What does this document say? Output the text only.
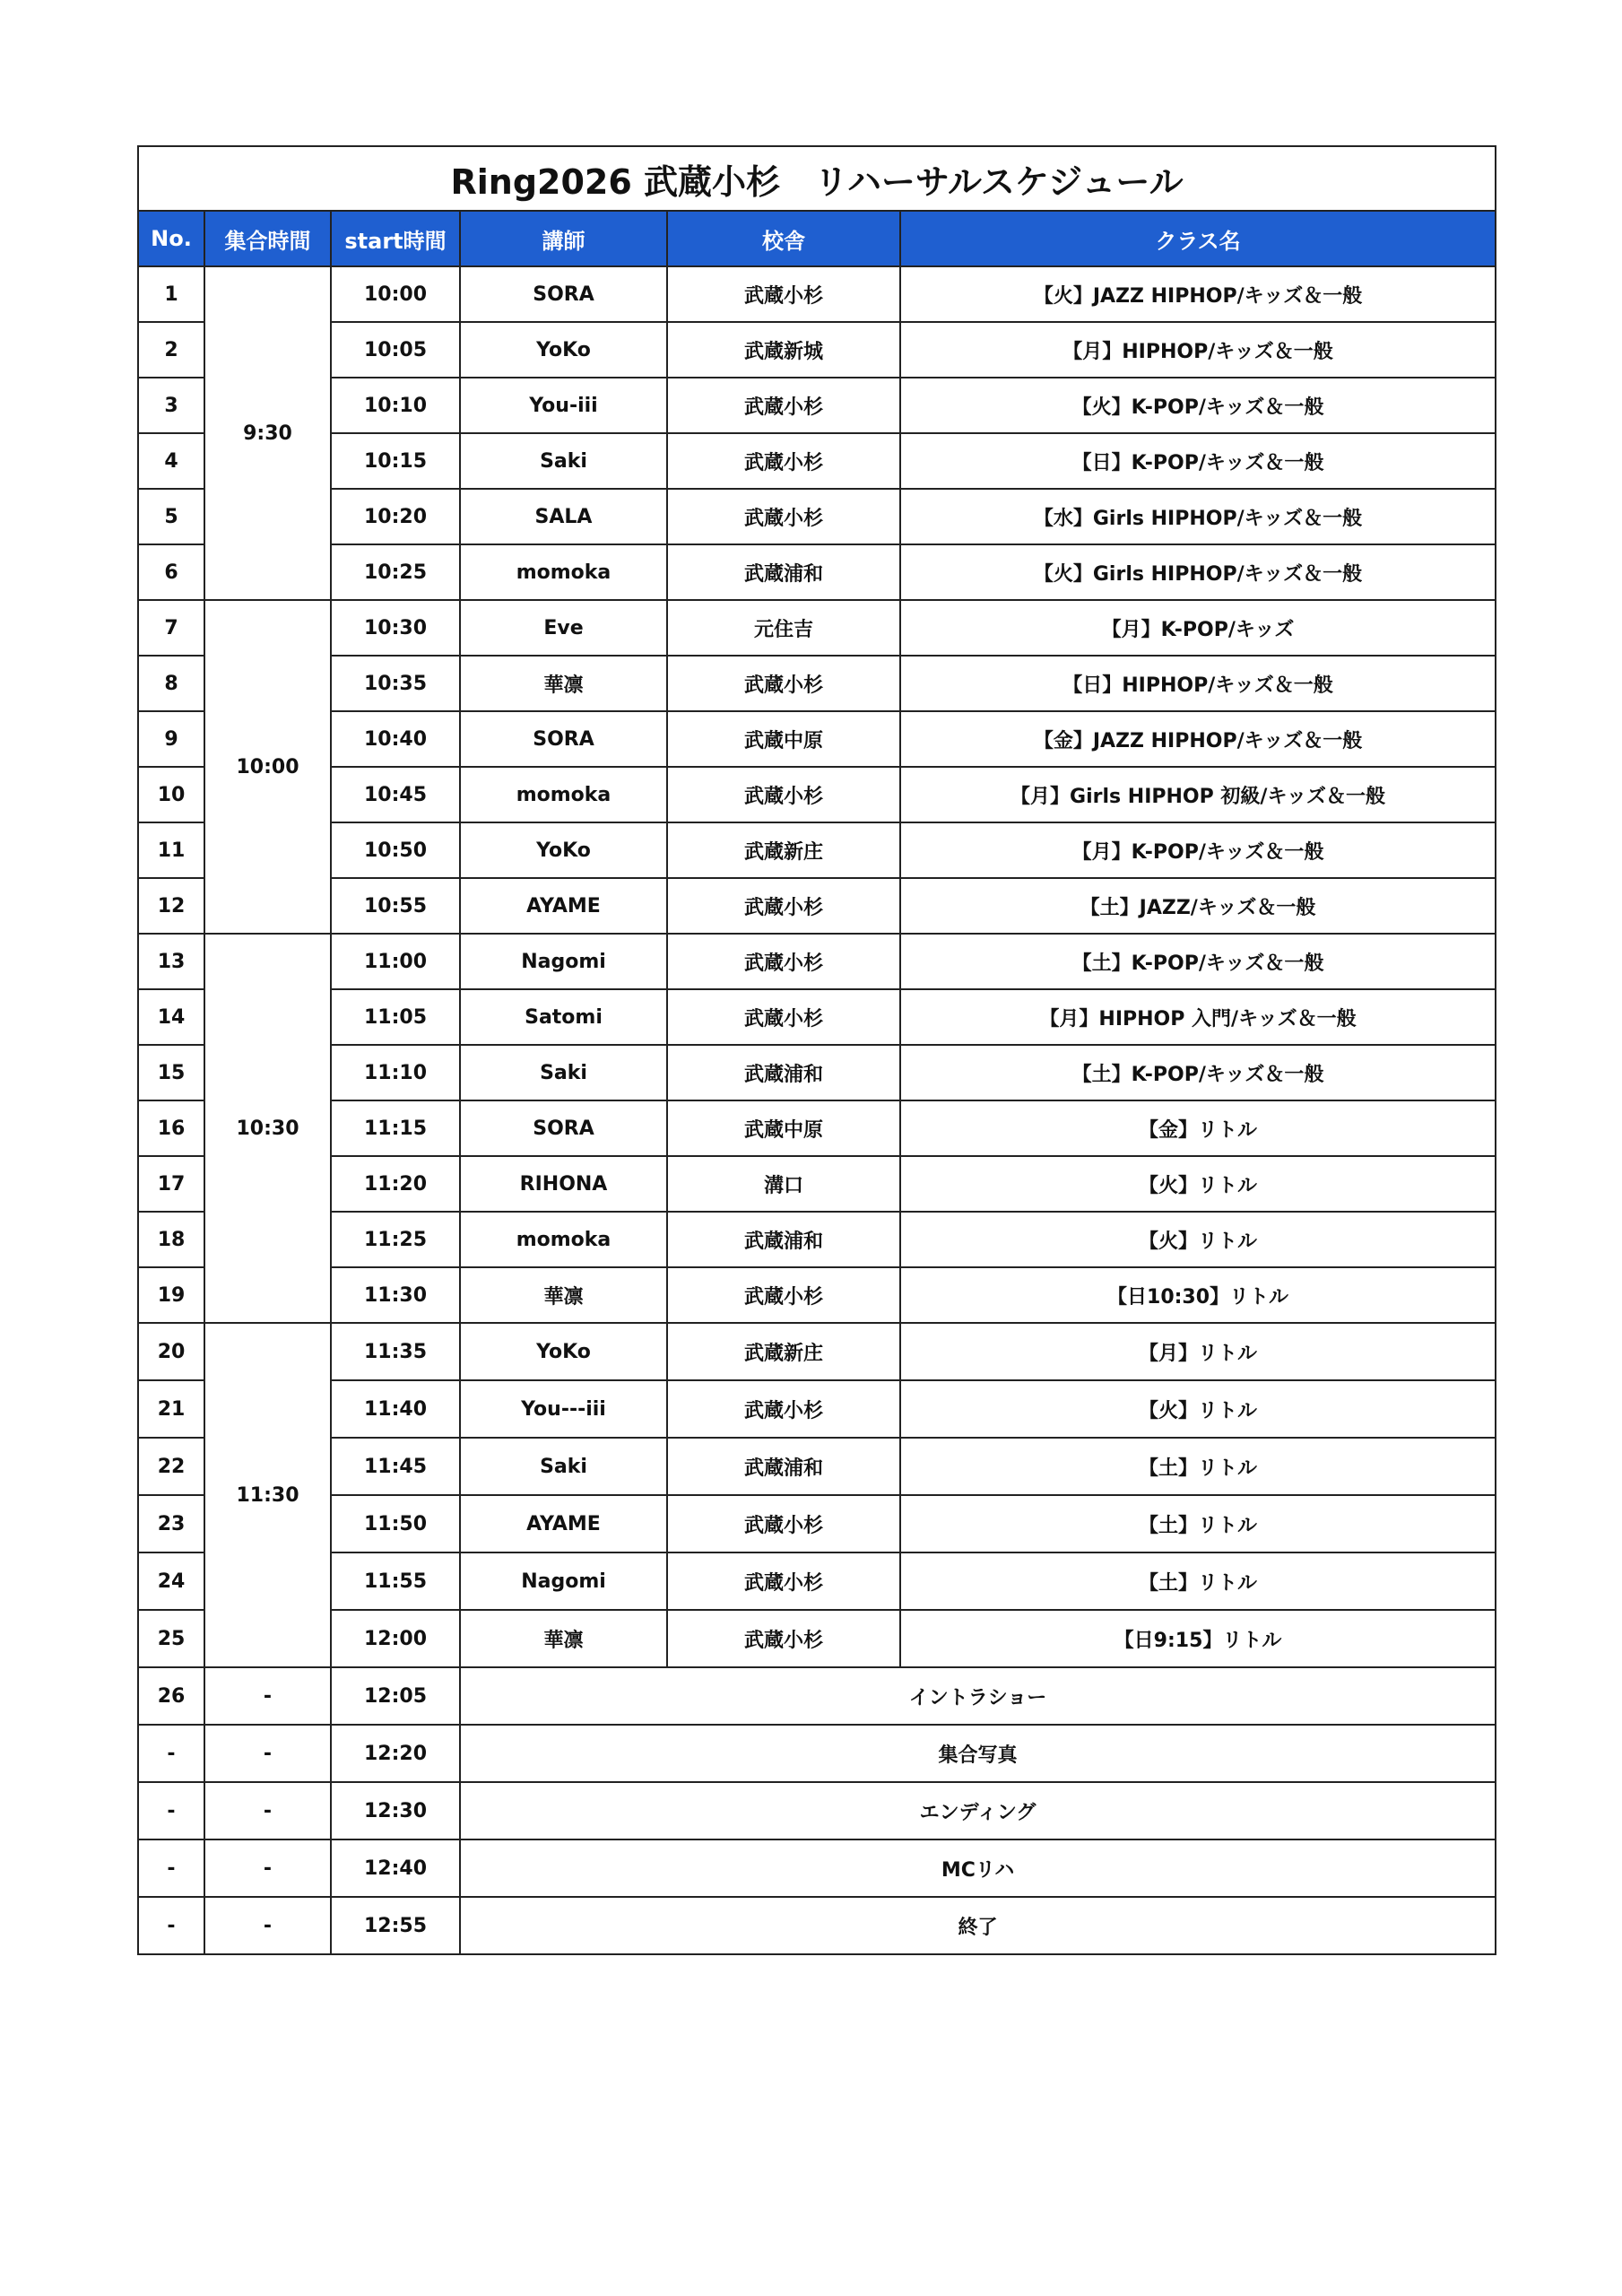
Ring2026 武蔵小杉　リハーサルスケジュール					
No.	集合時間	start時間	講師	校舎	クラス名
1	9:30	10:00	SORA	武蔵小杉	【火】JAZZ HIPHOP/キッズ＆一般
2		10:05	YoKo	武蔵新城	【月】HIPHOP/キッズ＆一般
3		10:10	You-iii	武蔵小杉	【火】K-POP/キッズ＆一般
4		10:15	Saki	武蔵小杉	【日】K-POP/キッズ＆一般
5		10:20	SALA	武蔵小杉	【水】Girls HIPHOP/キッズ＆一般
6		10:25	momoka	武蔵浦和	【火】Girls HIPHOP/キッズ＆一般
7	10:00	10:30	Eve	元住吉	【月】K-POP/キッズ
8		10:35	華凛	武蔵小杉	【日】HIPHOP/キッズ＆一般
9		10:40	SORA	武蔵中原	【金】JAZZ HIPHOP/キッズ＆一般
10		10:45	momoka	武蔵小杉	【月】Girls HIPHOP 初級/キッズ＆一般
11		10:50	YoKo	武蔵新庄	【月】K-POP/キッズ＆一般
12		10:55	AYAME	武蔵小杉	【土】JAZZ/キッズ＆一般
13	10:30	11:00	Nagomi	武蔵小杉	【土】K-POP/キッズ＆一般
14		11:05	Satomi	武蔵小杉	【月】HIPHOP 入門/キッズ＆一般
15		11:10	Saki	武蔵浦和	【土】K-POP/キッズ＆一般
16		11:15	SORA	武蔵中原	【金】リトル
17		11:20	RIHONA	溝口	【火】リトル
18		11:25	momoka	武蔵浦和	【火】リトル
19		11:30	華凛	武蔵小杉	【日10:30】リトル
20	11:30	11:35	YoKo	武蔵新庄	【月】リトル
21		11:40	You---iii	武蔵小杉	【火】リトル
22		11:45	Saki	武蔵浦和	【土】リトル
23		11:50	AYAME	武蔵小杉	【土】リトル
24		11:55	Nagomi	武蔵小杉	【土】リトル
25		12:00	華凛	武蔵小杉	【日9:15】リトル
26	-	12:05	イントラショー		
-	-	12:20	集合写真		
-	-	12:30	エンディング		
-	-	12:40	MCリハ		
-	-	12:55	終了		
